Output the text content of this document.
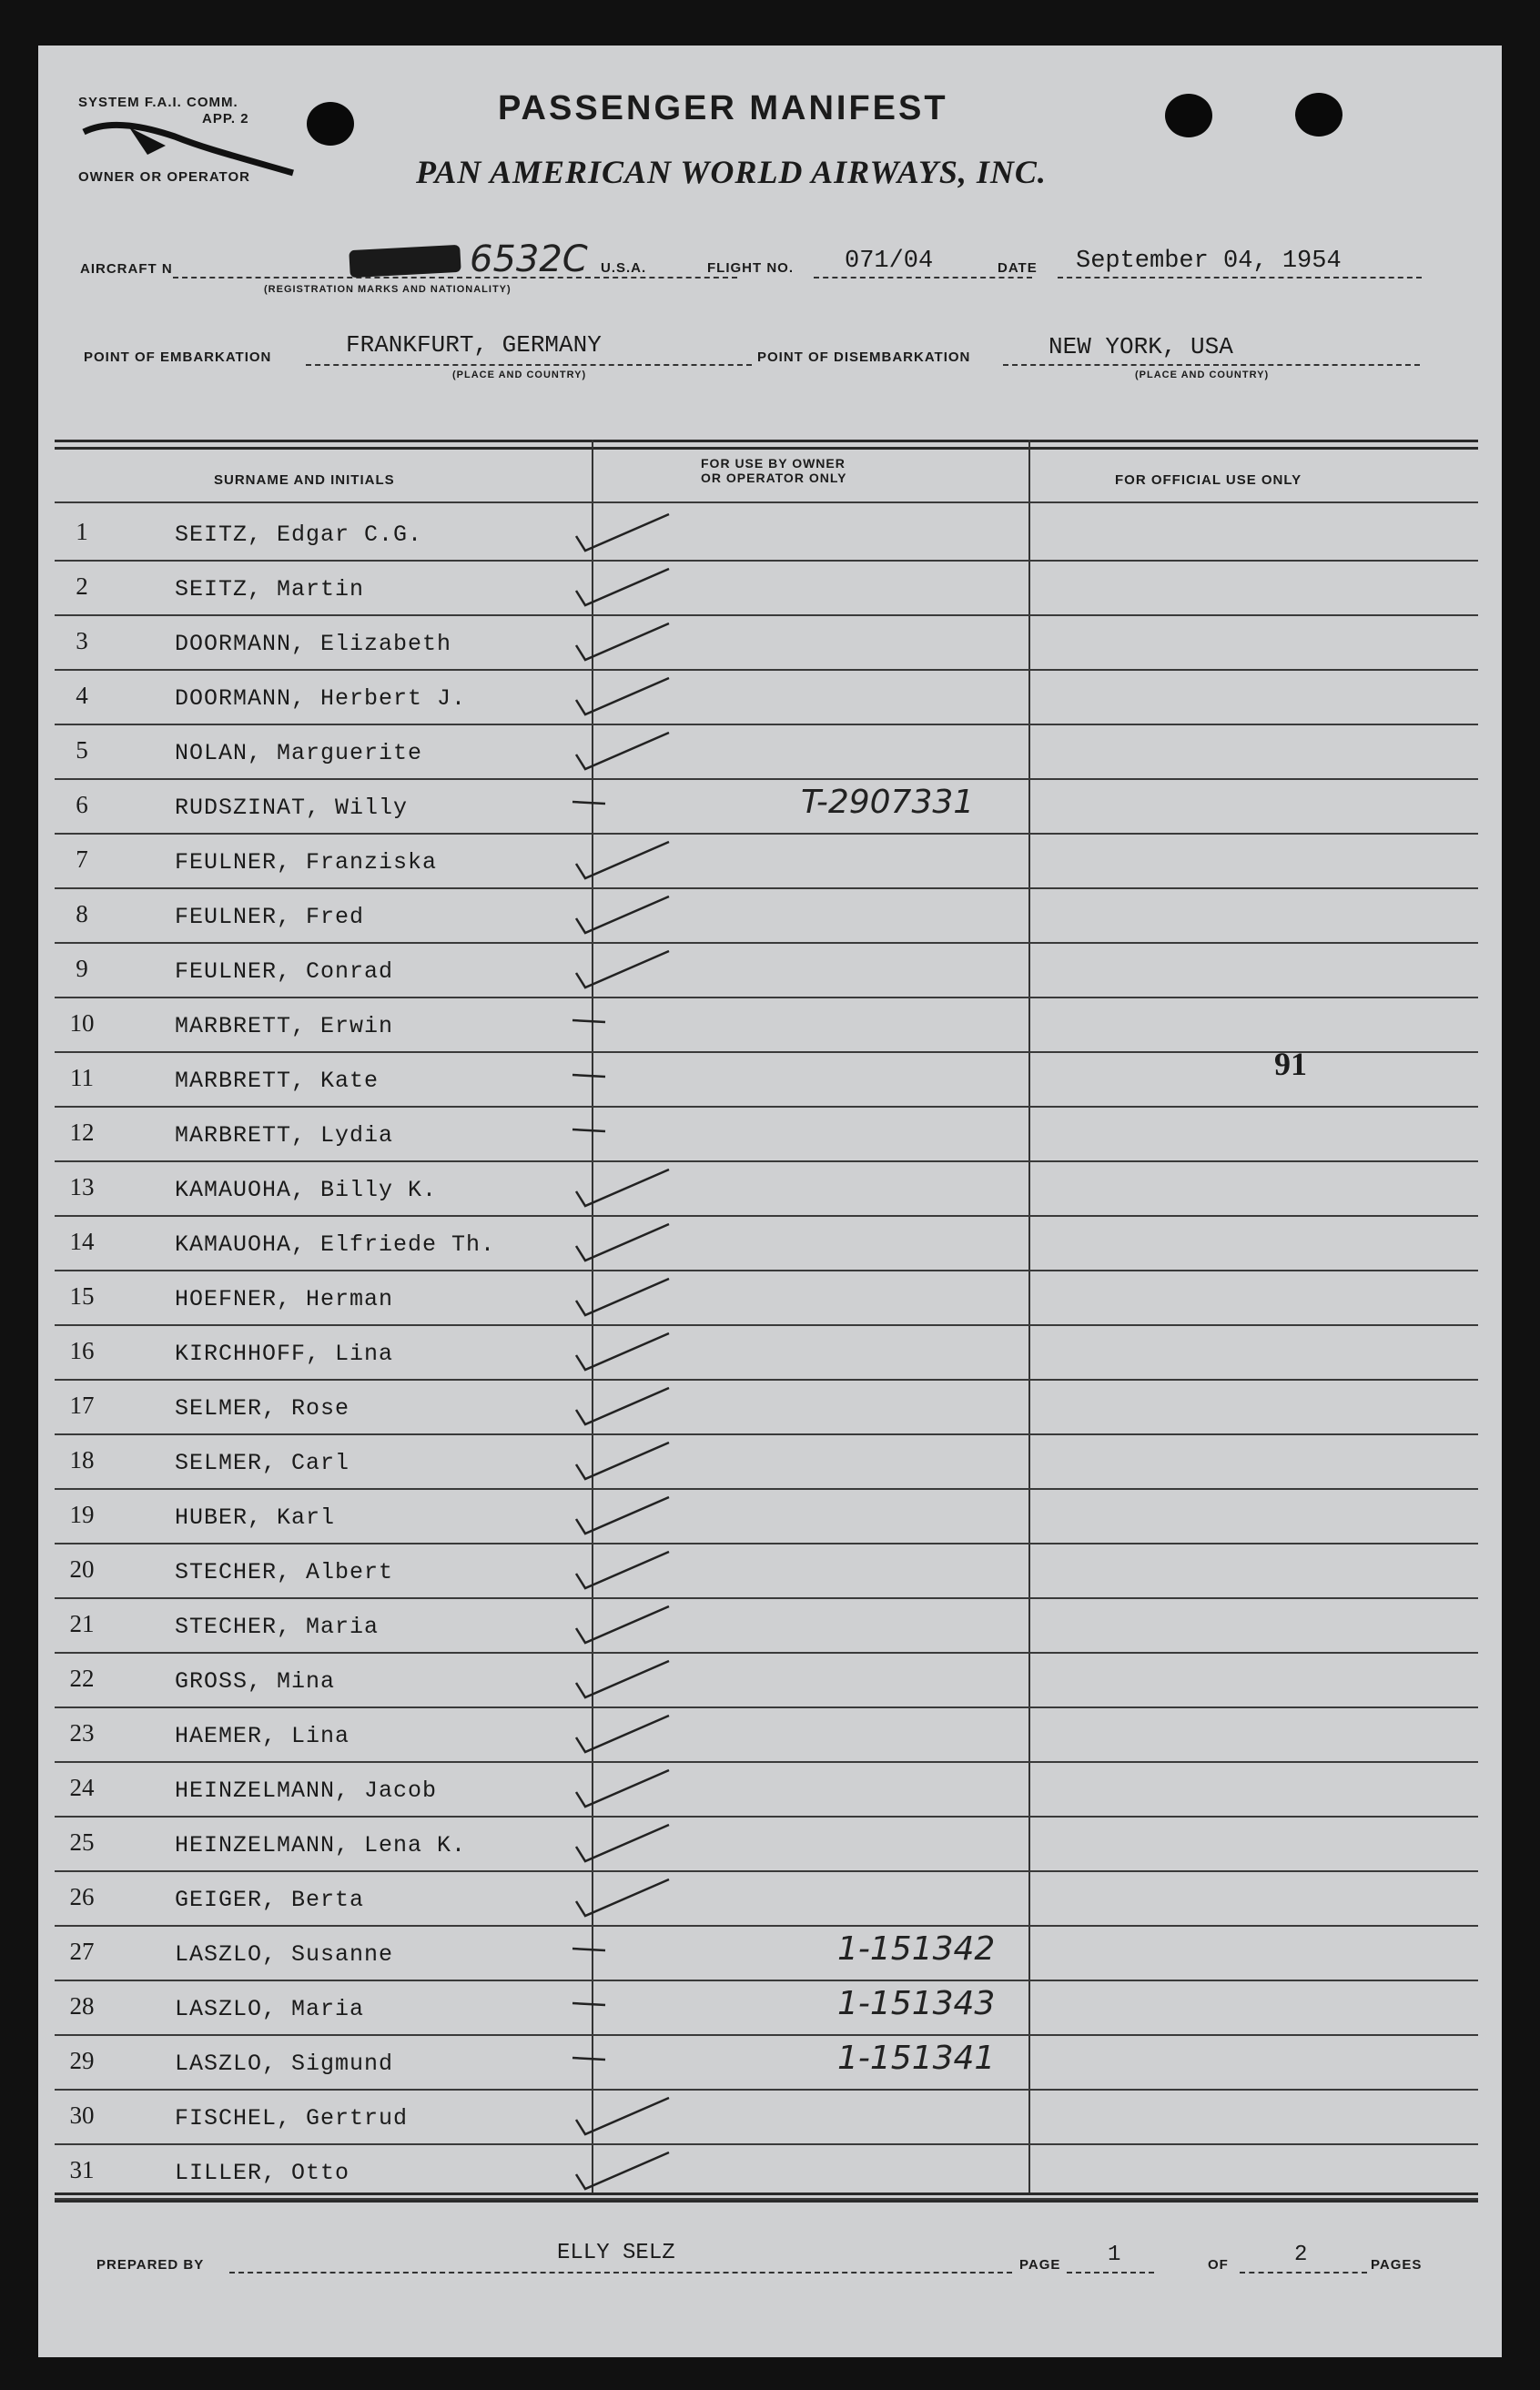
SYSTEM F.A.I. COMM.
APP. 2
OWNER OR OPERATOR
PASSENGER MANIFEST
PAN AMERICAN WORLD AIRWAYS, INC.
AIRCRAFT N	6532C
(REGISTRATION MARKS AND NATIONALITY)
U.S.A.	FLIGHT NO. 071/04	DATE September 04, 1954
POINT OF EMBARKATION	FRANKFURT, GERMANY
(PLACE AND COUNTRY)
POINT OF DISEMBARKATION	NEW YORK, USA
(PLACE AND COUNTRY)
SURNAME AND INITIALS
FOR USE BY OWNER
OR OPERATOR ONLY	FOR OFFICIAL USE ONLY
91
1	SEITZ, Edgar C.G.
2	SEITZ, Martin
3	DOORMANN, Elizabeth
4	DOORMANN, Herbert J.
5	NOLAN, Marguerite
6	RUDSZINAT, Willy	T-2907331
7	FEULNER, Franziska
8	FEULNER, Fred
9	FEULNER, Conrad
10	MARBRETT, Erwin
11	MARBRETT, Kate
12	MARBRETT, Lydia
13	KAMAUOHA, Billy K.
14	KAMAUOHA, Elfriede Th.
15	HOEFNER, Herman
16	KIRCHHOFF, Lina
17	SELMER, Rose
18	SELMER, Carl
19	HUBER, Karl
20	STECHER, Albert
21	STECHER, Maria
22	GROSS, Mina
23	HAEMER, Lina
24	HEINZELMANN, Jacob
25	HEINZELMANN, Lena K.
26	GEIGER, Berta
27	LASZLO, Susanne	1-151342
28	LASZLO, Maria	1-151343
29	LASZLO, Sigmund	1-151341
30	FISCHEL, Gertrud
31	LILLER, Otto
PREPARED BY	ELLY SELZ	PAGE 1	OF	2	PAGES
